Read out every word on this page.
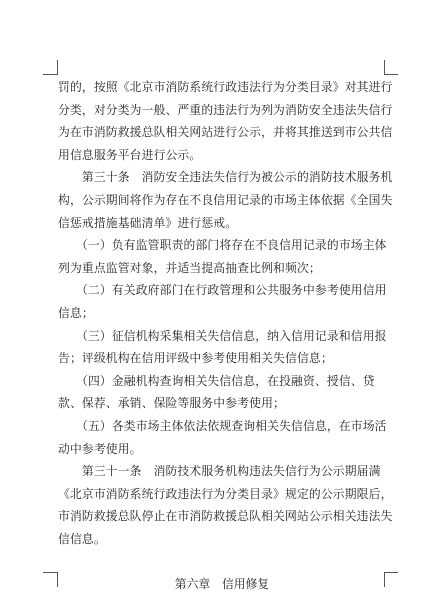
罚的，按照《北京市消防系统行政违法行为分类目录》对其进行
分类，对分类为一般、严重的违法行为列为消防安全违法失信行
为在市消防救援总队相关网站进行公示，并将其推送到市公共信
用信息服务平台进行公示。
　　第三十条　消防安全违法失信行为被公示的消防技术服务机
构，公示期间将作为存在不良信用记录的市场主体依据《全国失
信惩戒措施基础清单》进行惩戒。
　　（一）负有监管职责的部门将存在不良信用记录的市场主体
列为重点监管对象，并适当提高抽查比例和频次；
　　（二）有关政府部门在行政管理和公共服务中参考使用信用
信息；
　　（三）征信机构采集相关失信信息，纳入信用记录和信用报
告；评级机构在信用评级中参考使用相关失信信息；
　　（四）金融机构查询相关失信信息，在投融资、授信、贷
款、保荐、承销、保险等服务中参考使用；
　　（五）各类市场主体依法依规查询相关失信信息，在市场活
动中参考使用。
　　第三十一条　消防技术服务机构违法失信行为公示期届满
《北京市消防系统行政违法行为分类目录》规定的公示期限后，
市消防救援总队停止在市消防救援总队相关网站公示相关违法失
信信息。
第六章　信用修复
